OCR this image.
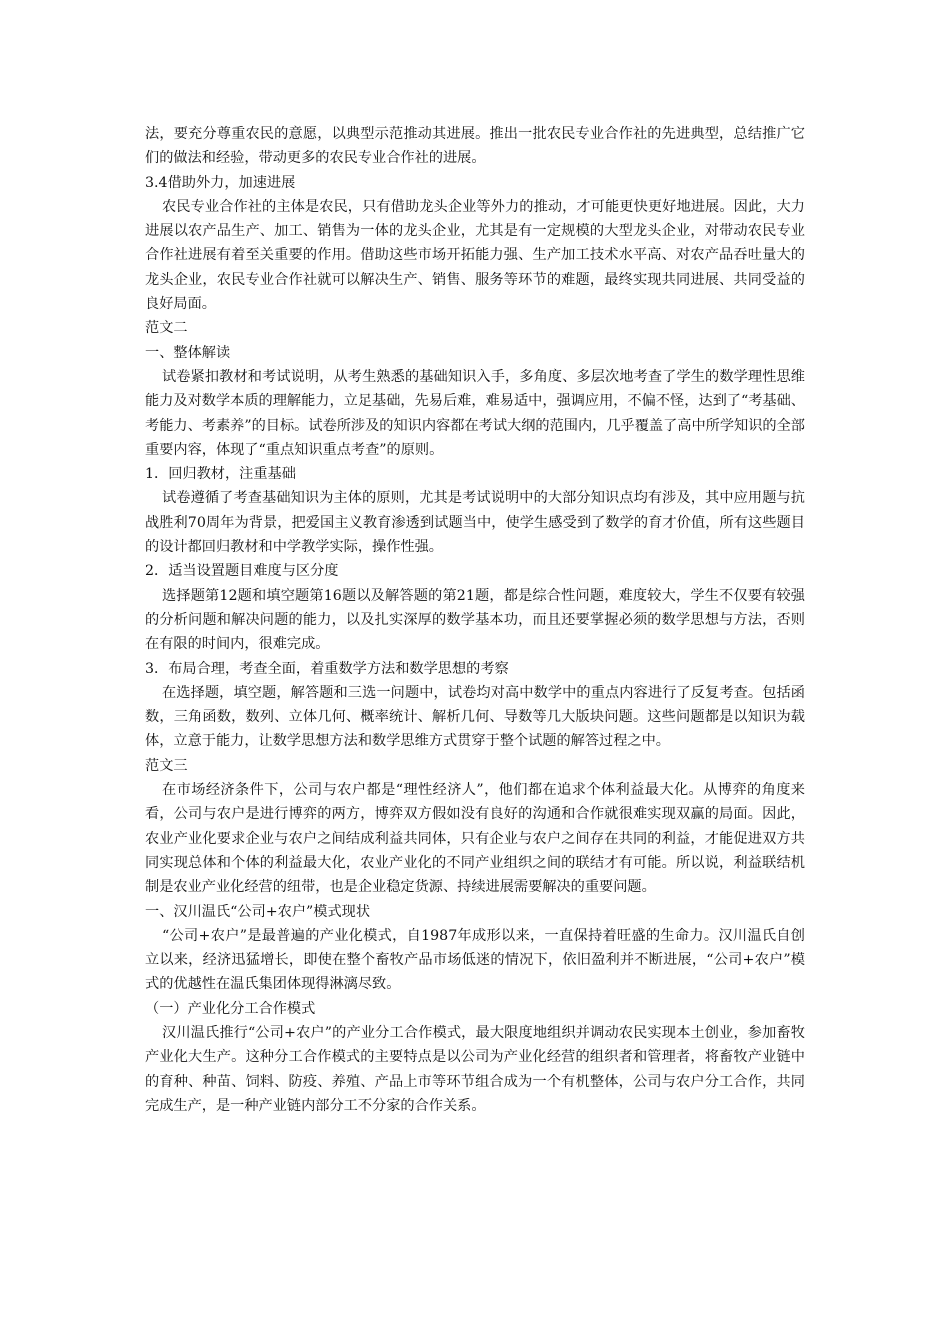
法，要充分尊重农民的意愿，以典型示范推动其进展。推出一批农民专业合作社的先进典型，总结推广它们的做法和经验，带动更多的农民专业合作社的进展。

3.4借助外力，加速进展

农民专业合作社的主体是农民，只有借助龙头企业等外力的推动，才可能更快更好地进展。因此，大力进展以农产品生产、加工、销售为一体的龙头企业，尤其是有一定规模的大型龙头企业，对带动农民专业合作社进展有着至关重要的作用。借助这些市场开拓能力强、生产加工技术水平高、对农产品吞吐量大的龙头企业，农民专业合作社就可以解决生产、销售、服务等环节的难题，最终实现共同进展、共同受益的良好局面。

范文二

一、整体解读

试卷紧扣教材和考试说明，从考生熟悉的基础知识入手，多角度、多层次地考查了学生的数学理性思维能力及对数学本质的理解能力，立足基础，先易后难，难易适中，强调应用，不偏不怪，达到了“考基础、考能力、考素养”的目标。试卷所涉及的知识内容都在考试大纲的范围内，几乎覆盖了高中所学知识的全部重要内容，体现了“重点知识重点考查”的原则。

1．回归教材，注重基础

试卷遵循了考查基础知识为主体的原则，尤其是考试说明中的大部分知识点均有涉及，其中应用题与抗战胜利70周年为背景，把爱国主义教育渗透到试题当中，使学生感受到了数学的育才价值，所有这些题目的设计都回归教材和中学教学实际，操作性强。

2．适当设置题目难度与区分度

选择题第12题和填空题第16题以及解答题的第21题，都是综合性问题，难度较大，学生不仅要有较强的分析问题和解决问题的能力，以及扎实深厚的数学基本功，而且还要掌握必须的数学思想与方法，否则在有限的时间内，很难完成。

3．布局合理，考查全面，着重数学方法和数学思想的考察

在选择题，填空题，解答题和三选一问题中，试卷均对高中数学中的重点内容进行了反复考查。包括函数，三角函数，数列、立体几何、概率统计、解析几何、导数等几大版块问题。这些问题都是以知识为载体，立意于能力，让数学思想方法和数学思维方式贯穿于整个试题的解答过程之中。

范文三

在市场经济条件下，公司与农户都是“理性经济人”，他们都在追求个体利益最大化。从博弈的角度来看，公司与农户是进行博弈的两方，博弈双方假如没有良好的沟通和合作就很难实现双赢的局面。因此，农业产业化要求企业与农户之间结成利益共同体，只有企业与农户之间存在共同的利益，才能促进双方共同实现总体和个体的利益最大化，农业产业化的不同产业组织之间的联结才有可能。所以说，利益联结机制是农业产业化经营的纽带，也是企业稳定货源、持续进展需要解决的重要问题。

一、汉川温氏“公司+农户”模式现状

“公司+农户”是最普遍的产业化模式，自1987年成形以来，一直保持着旺盛的生命力。汉川温氏自创立以来，经济迅猛增长，即使在整个畜牧产品市场低迷的情况下，依旧盈利并不断进展，“公司+农户”模式的优越性在温氏集团体现得淋漓尽致。

（一）产业化分工合作模式

汉川温氏推行“公司+农户”的产业分工合作模式，最大限度地组织并调动农民实现本土创业，参加畜牧产业化大生产。这种分工合作模式的主要特点是以公司为产业化经营的组织者和管理者，将畜牧产业链中的育种、种苗、饲料、防疫、养殖、产品上市等环节组合成为一个有机整体，公司与农户分工合作，共同完成生产，是一种产业链内部分工不分家的合作关系。
